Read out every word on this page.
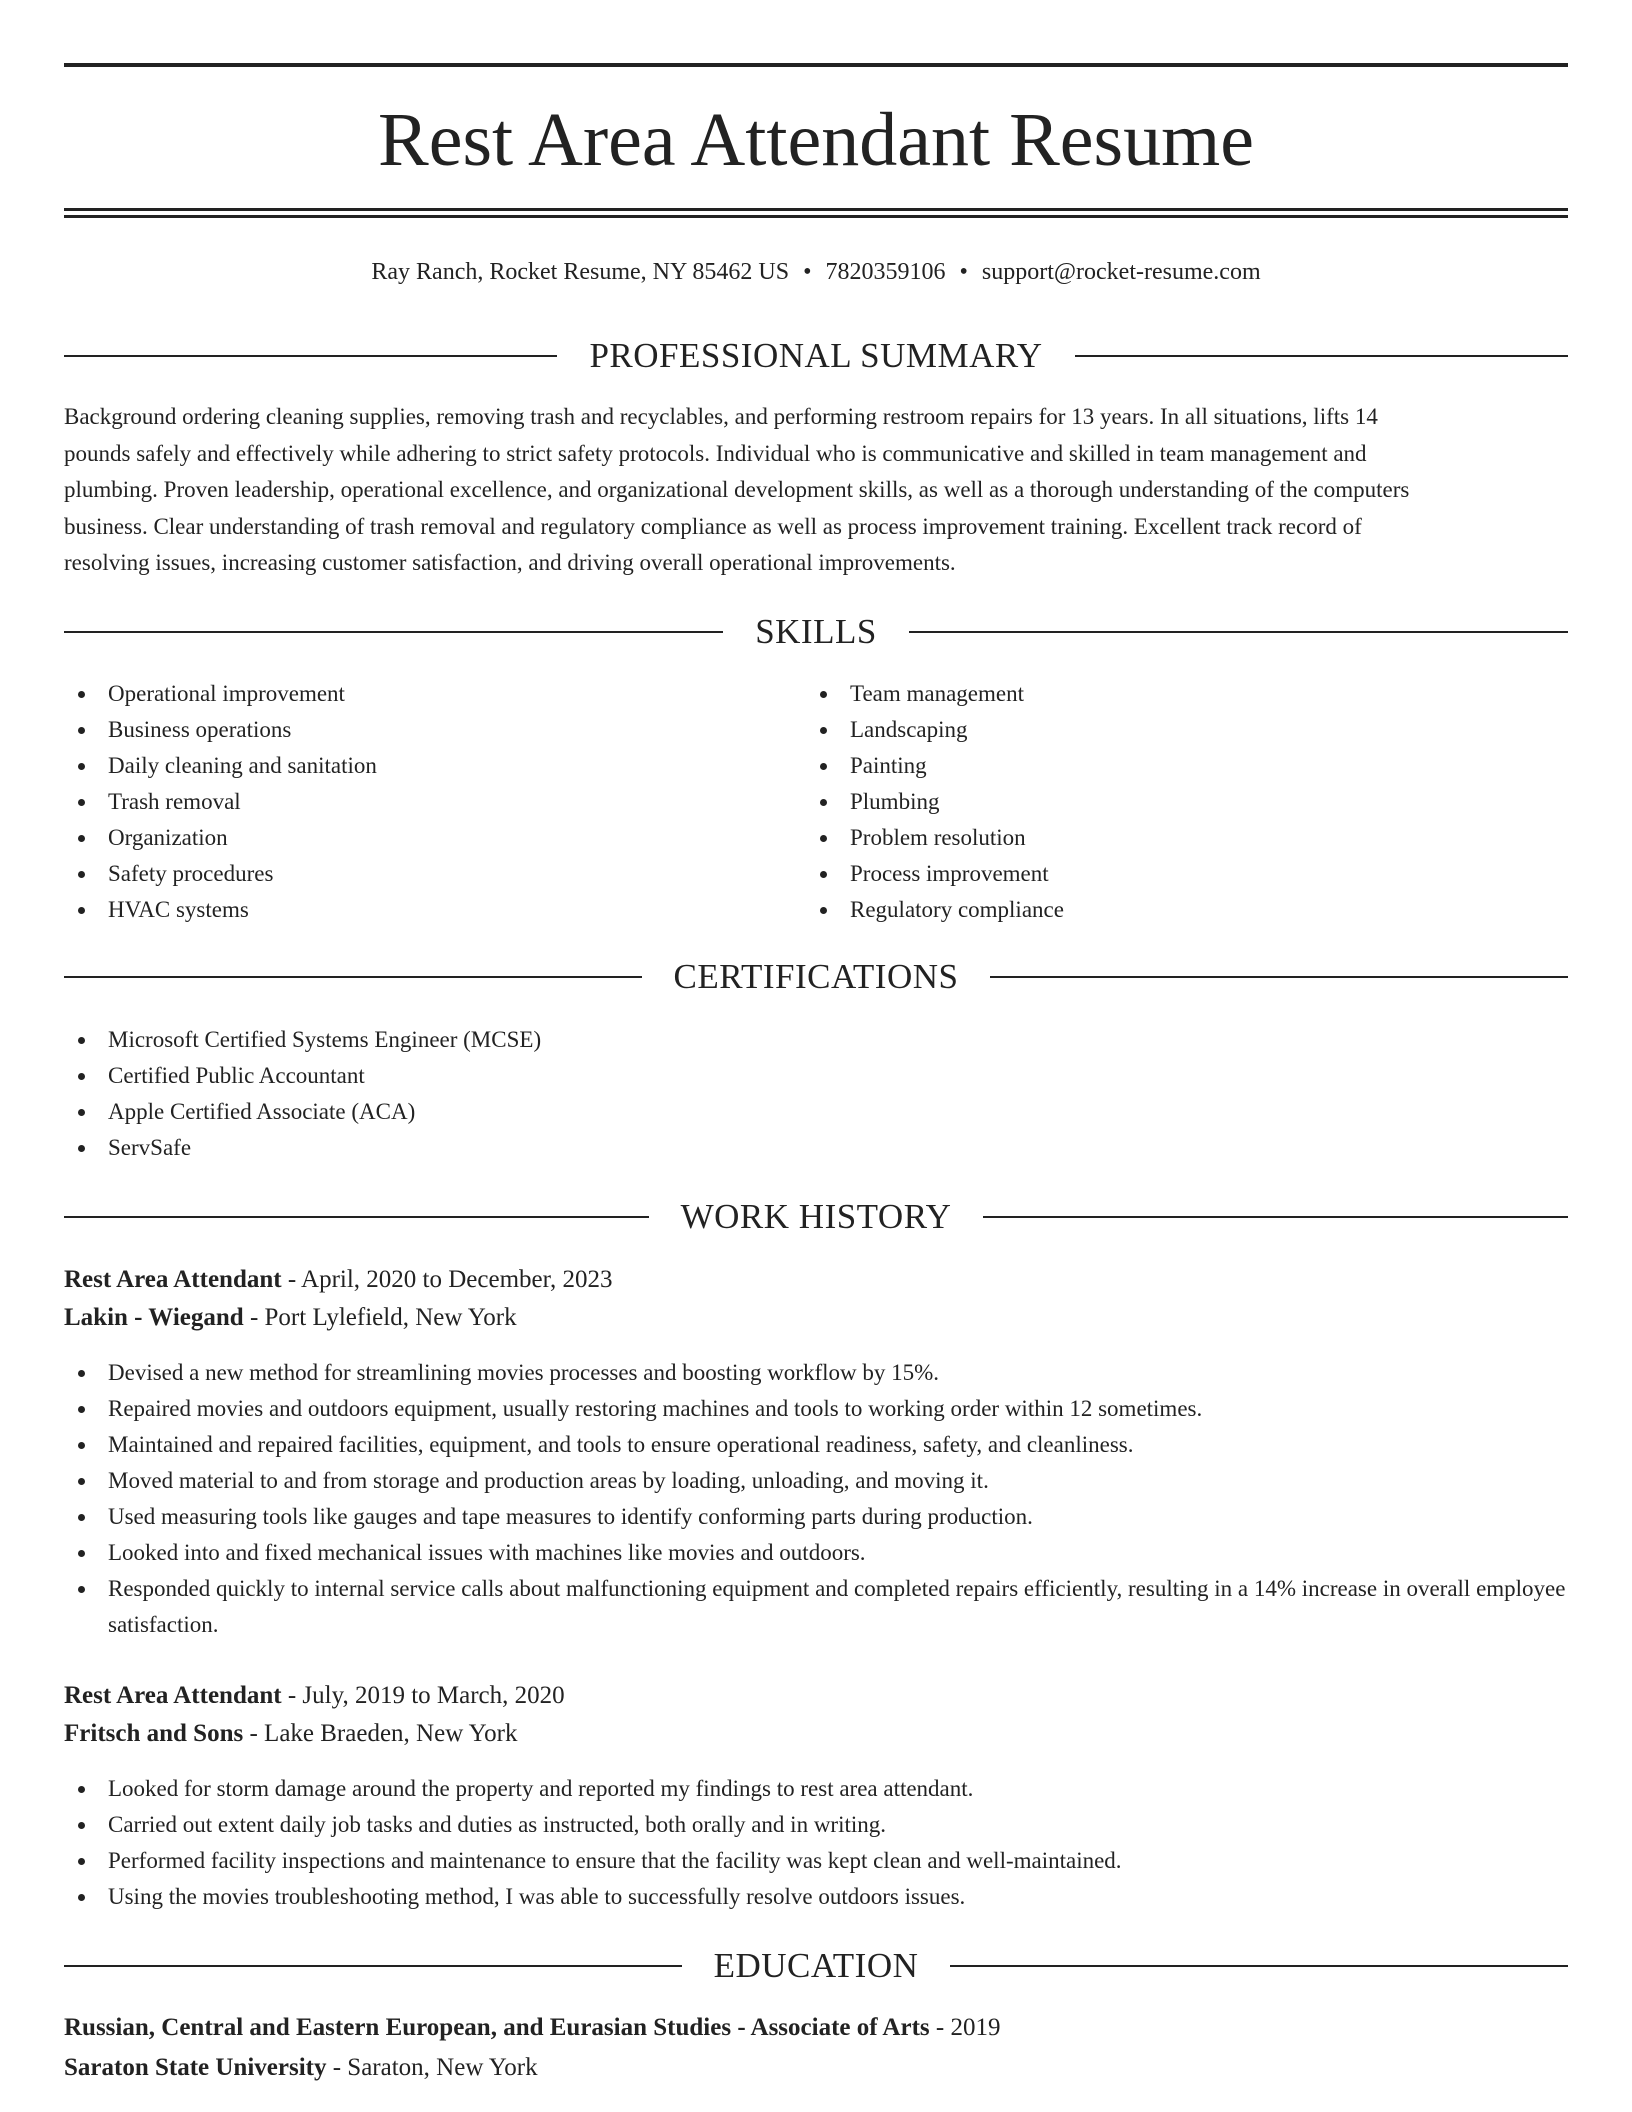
Rest Area Attendant Resume
Ray Ranch, Rocket Resume, NY 85462 US • 7820359106 • support@rocket-resume.com
PROFESSIONAL SUMMARY
Background ordering cleaning supplies, removing trash and recyclables, and performing restroom repairs for 13 years. In all situations, lifts 14
pounds safely and effectively while adhering to strict safety protocols. Individual who is communicative and skilled in team management and
plumbing. Proven leadership, operational excellence, and organizational development skills, as well as a thorough understanding of the computers
business. Clear understanding of trash removal and regulatory compliance as well as process improvement training. Excellent track record of
resolving issues, increasing customer satisfaction, and driving overall operational improvements.
SKILLS
Operational improvement
Business operations
Daily cleaning and sanitation
Trash removal
Organization
Safety procedures
HVAC systems
Team management
Landscaping
Painting
Plumbing
Problem resolution
Process improvement
Regulatory compliance
CERTIFICATIONS
Microsoft Certified Systems Engineer (MCSE)
Certified Public Accountant
Apple Certified Associate (ACA)
ServSafe
WORK HISTORY
Rest Area Attendant - April, 2020 to December, 2023
Lakin - Wiegand - Port Lylefield, New York
Devised a new method for streamlining movies processes and boosting workflow by 15%.
Repaired movies and outdoors equipment, usually restoring machines and tools to working order within 12 sometimes.
Maintained and repaired facilities, equipment, and tools to ensure operational readiness, safety, and cleanliness.
Moved material to and from storage and production areas by loading, unloading, and moving it.
Used measuring tools like gauges and tape measures to identify conforming parts during production.
Looked into and fixed mechanical issues with machines like movies and outdoors.
Responded quickly to internal service calls about malfunctioning equipment and completed repairs efficiently, resulting in a 14% increase in overall employee satisfaction.
Rest Area Attendant - July, 2019 to March, 2020
Fritsch and Sons - Lake Braeden, New York
Looked for storm damage around the property and reported my findings to rest area attendant.
Carried out extent daily job tasks and duties as instructed, both orally and in writing.
Performed facility inspections and maintenance to ensure that the facility was kept clean and well-maintained.
Using the movies troubleshooting method, I was able to successfully resolve outdoors issues.
EDUCATION
Russian, Central and Eastern European, and Eurasian Studies - Associate of Arts - 2019
Saraton State University - Saraton, New York
